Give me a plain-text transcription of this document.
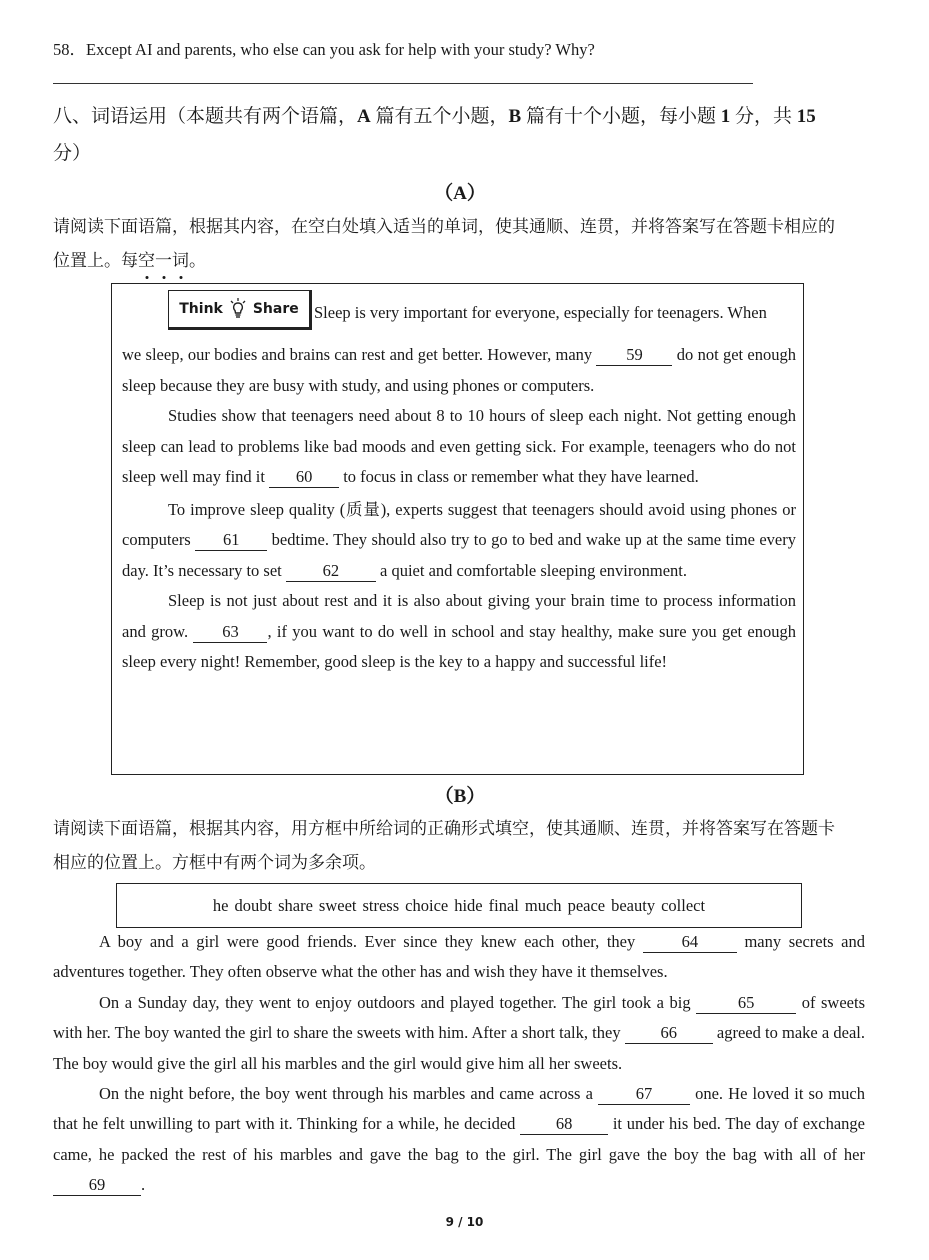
58．Except AI and parents, who else can you ask for help with your study? Why?
八、词语运用（本题共有两个语篇，A 篇有五个小题，B 篇有十个小题，每小题 1 分，共 15
分）
（A）
请阅读下面语篇，根据其内容，在空白处填入适当的单词，使其通顺、连贯，并将答案写在答题卡相应的
位置上。每空
一
词
。
Think Share Sleep is very important for everyone, especially for teenagers. When

we sleep, our bodies and brains can rest and get better. However, many 59 do not get enough sleep because they are busy with study, and using phones or computers.

Studies show that teenagers need about 8 to 10 hours of sleep each night. Not getting enough sleep can lead to problems like bad moods and even getting sick. For example, teenagers who do not sleep well may find it 60 to focus in class or remember what they have learned.

To improve sleep quality (质量), experts suggest that teenagers should avoid using phones or computers 61 bedtime. They should also try to go to bed and wake up at the same time every day. It’s necessary to set 62 a quiet and comfortable sleeping environment.

Sleep is not just about rest and it is also about giving your brain time to process information and grow. 63 , if you want to do well in school and stay healthy, make sure you get enough sleep every night! Remember, good sleep is the key to a happy and successful life!

（B）
请阅读下面语篇，根据其内容，用方框中所给词的正确形式填空，使其通顺、连贯，并将答案写在答题卡
相应的位置上。方框中有两个词为多余项。
he doubt share sweet stress choice hide final much peace beauty collect

A boy and a girl were good friends. Ever since they knew each other, they 64 many secrets and adventures together. They often observe what the other has and wish they have it themselves.

On a Sunday day, they went to enjoy outdoors and played together. The girl took a big	65	of sweets with her. The boy wanted the girl to share the sweets with him. After a short talk, they 66 agreed to make a deal. The boy would give the girl all his marbles and the girl would give him all her sweets.

On the night before, the boy went through his marbles and came across a 67 one. He loved it so much that he felt unwilling to part with it. Thinking for a while, he decided 68 it under his bed. The day of exchange came, he packed the rest of his marbles and gave the bag to the girl. The girl gave the boy the bag with all of her 69 .

9 / 10
